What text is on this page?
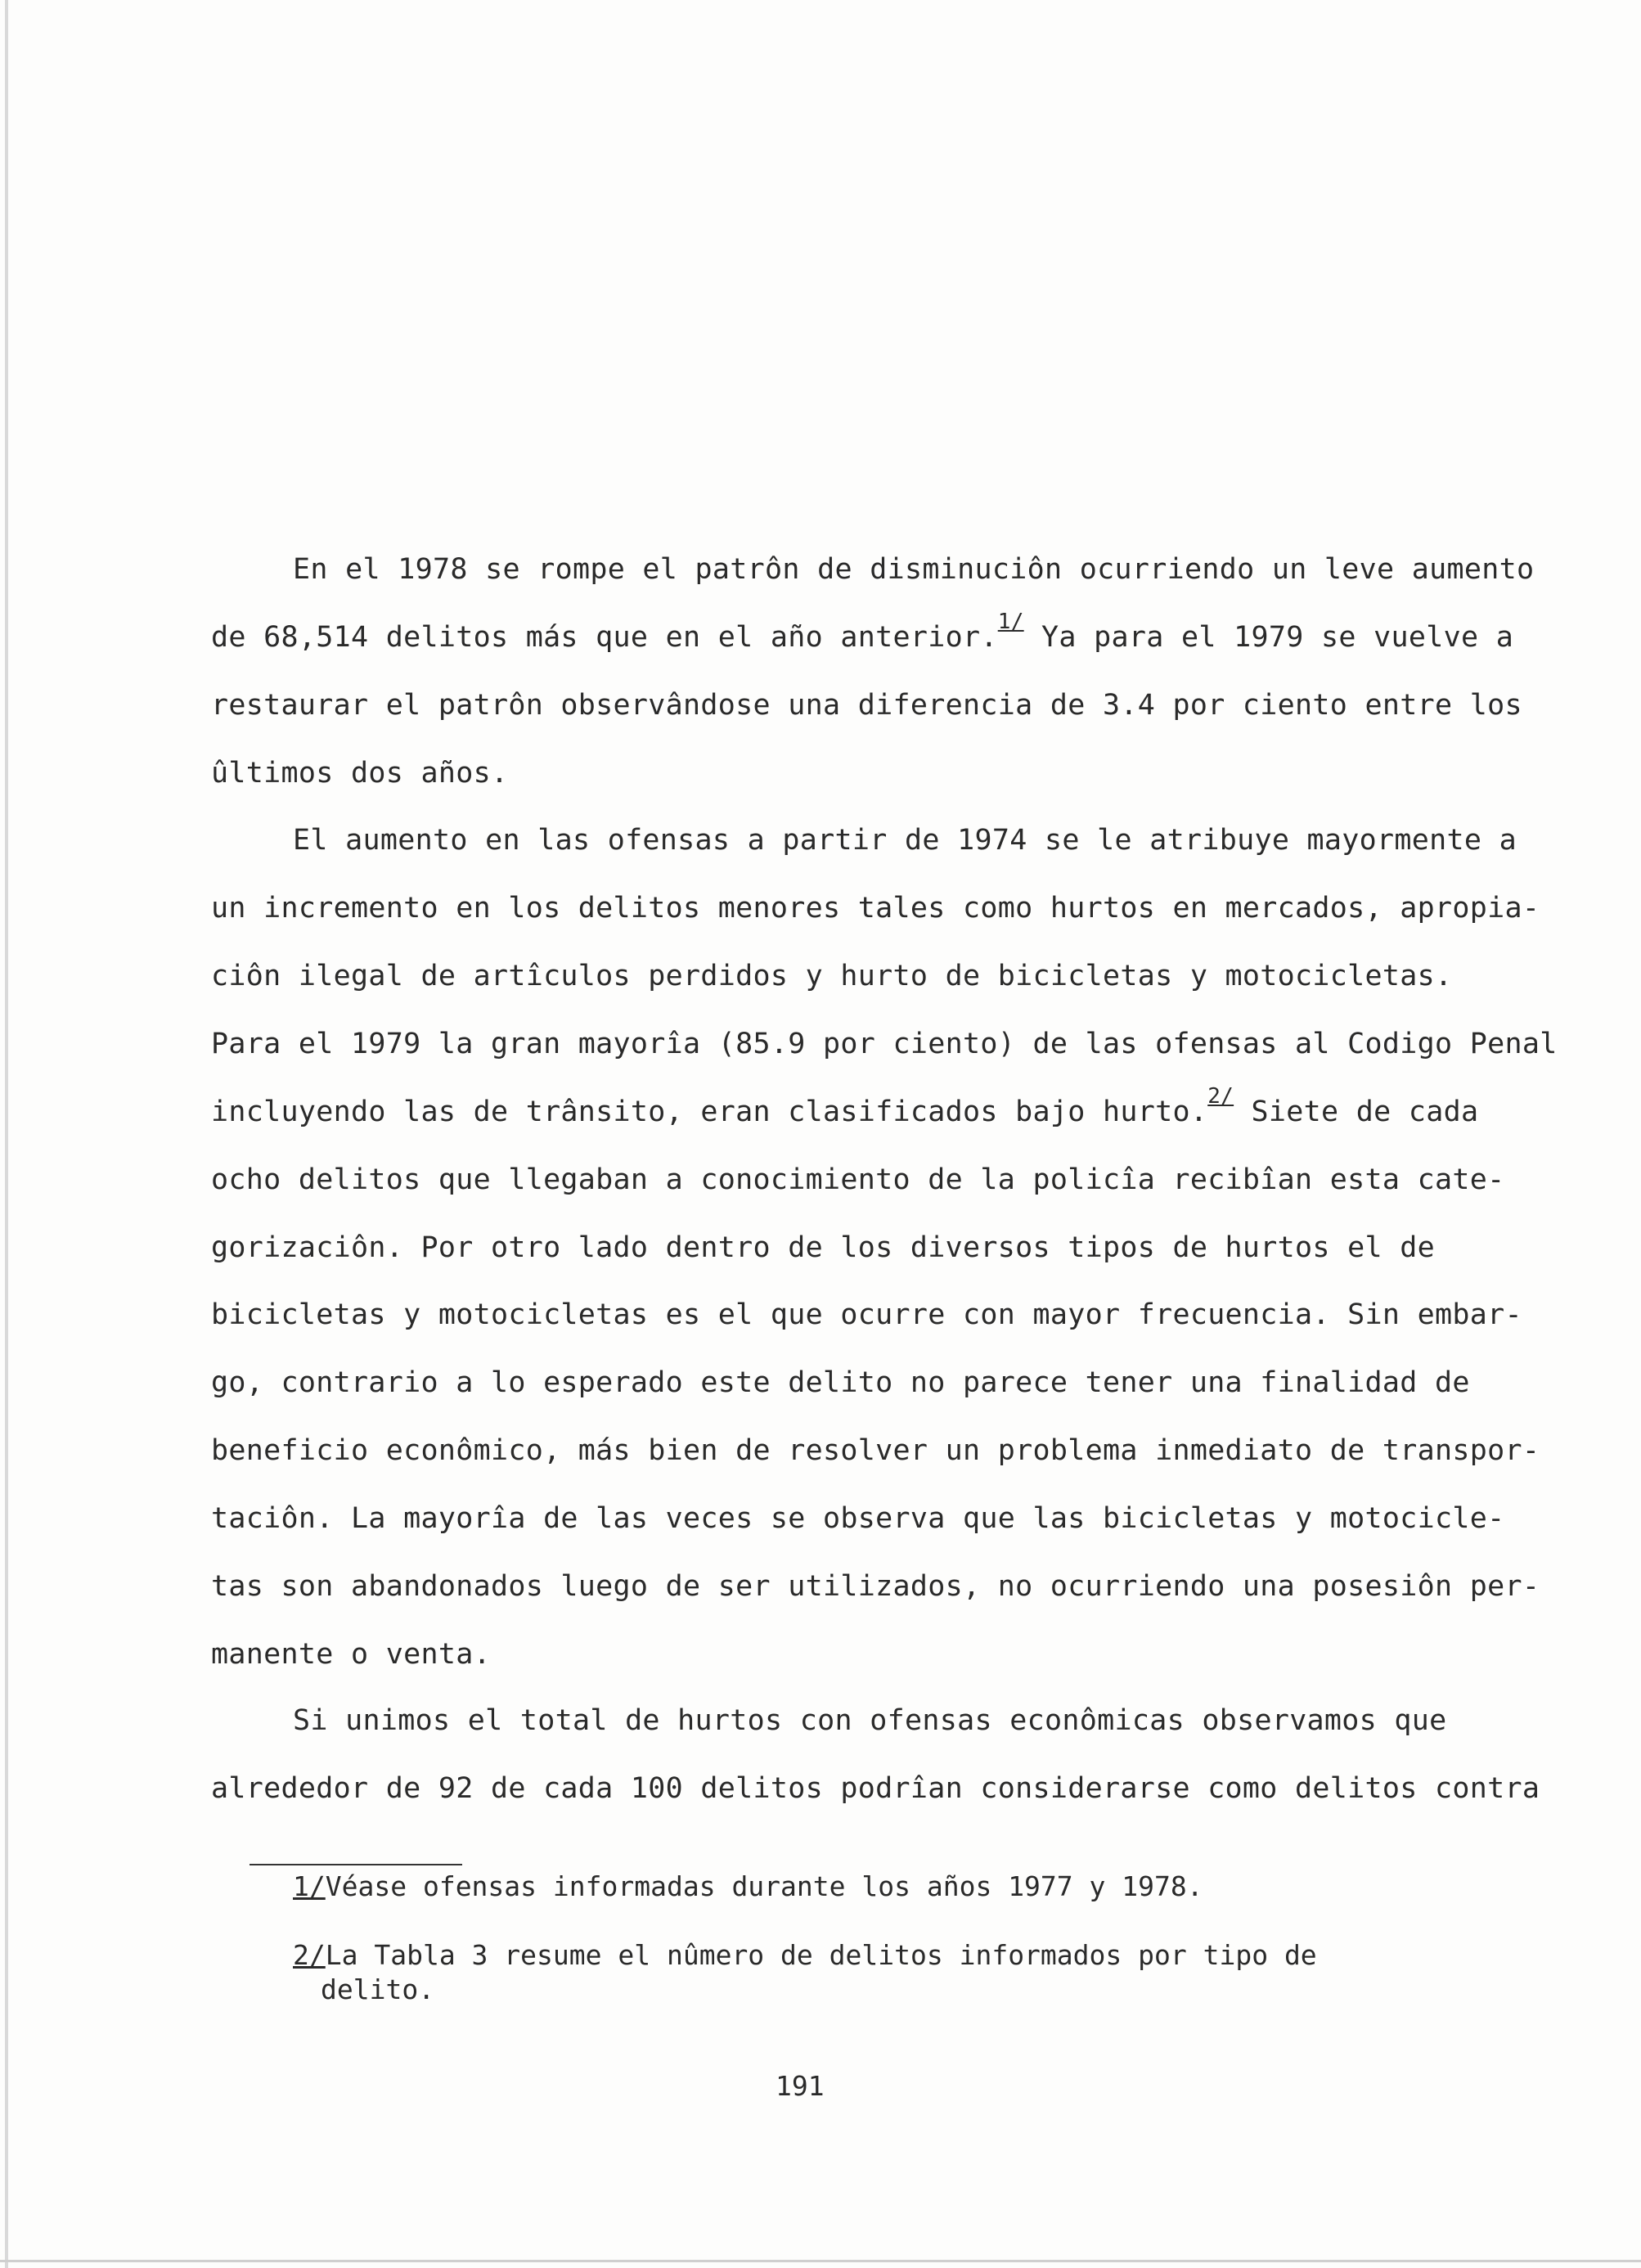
En el 1978 se rompe el patrôn de disminuciôn ocurriendo un leve aumento
de 68,514 delitos más que en el año anterior.$^{1/}$ Ya para el 1979 se vuelve a
restaurar el patrôn observândose una diferencia de 3.4 por ciento entre los
ûltimos dos años.
El aumento en las ofensas a partir de 1974 se le atribuye mayormente a
un incremento en los delitos menores tales como hurtos en mercados, apropia-
ciôn ilegal de artîculos perdidos y hurto de bicicletas y motocicletas.
Para el 1979 la gran mayorîa (85.9 por ciento) de las ofensas al Codigo Penal
incluyendo las de trânsito, eran clasificados bajo hurto.$^{2/}$ Siete de cada
ocho delitos que llegaban a conocimiento de la policîa recibîan esta cate-
gorizaciôn. Por otro lado dentro de los diversos tipos de hurtos el de
bicicletas y motocicletas es el que ocurre con mayor frecuencia. Sin embar-
go, contrario a lo esperado este delito no parece tener una finalidad de
beneficio econômico, más bien de resolver un problema inmediato de transpor-
taciôn. La mayorîa de las veces se observa que las bicicletas y motocicle-
tas son abandonados luego de ser utilizados, no ocurriendo una posesiôn per-
manente o venta.
Si unimos el total de hurtos con ofensas econômicas observamos que
alrededor de 92 de cada 100 delitos podrîan considerarse como delitos contra
1/Véase ofensas informadas durante los años 1977 y 1978.
2/La Tabla 3 resume el nûmero de delitos informados por tipo de
delito.
191
